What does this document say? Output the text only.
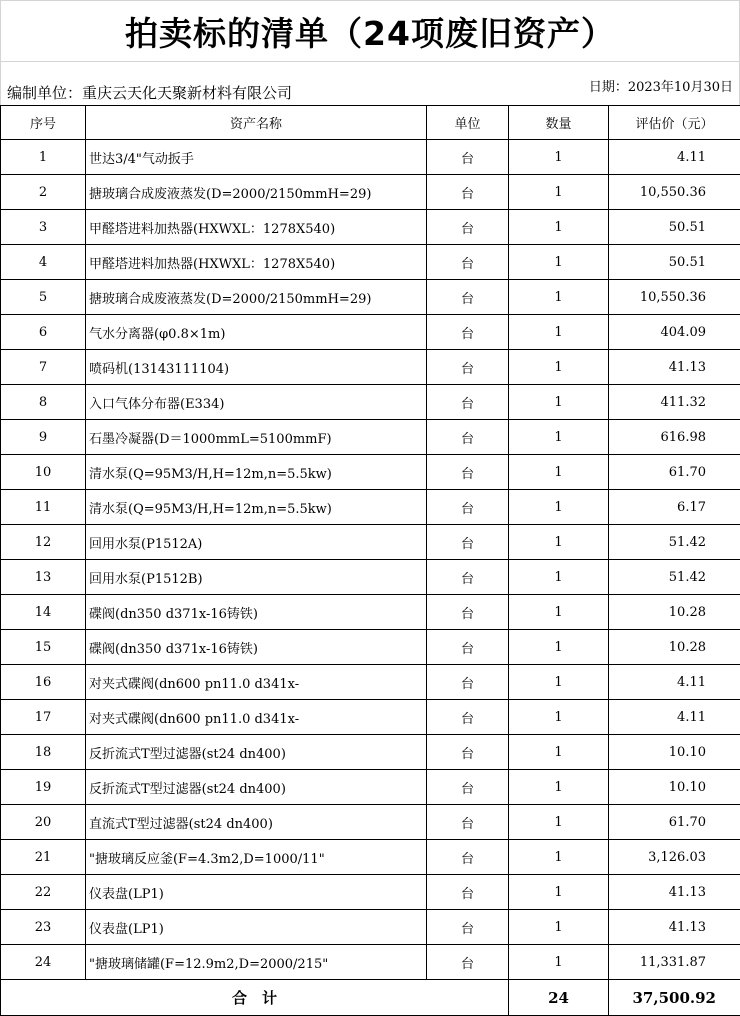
拍卖标的清单（24项废旧资产）
编制单位：重庆云天化天聚新材料有限公司	日期：2023年10月30日
序号	资产名称	单位	数量	评估价（元）
1	世达3/4"气动扳手	台	1	4.11
2	搪玻璃合成废液蒸发(D=2000/2150mmH=29)	台	1	10,550.36
3	甲醛塔进料加热器(HXWXL：1278X540)	台	1	50.51
4	甲醛塔进料加热器(HXWXL：1278X540)	台	1	50.51
5	搪玻璃合成废液蒸发(D=2000/2150mmH=29)	台	1	10,550.36
6	气水分离器(φ0.8×1m)	台	1	404.09
7	喷码机(13143111104)	台	1	41.13
8	入口气体分布器(E334)	台	1	411.32
9	石墨冷凝器(D＝1000mmL=5100mmF)	台	1	616.98
10	清水泵(Q=95M3/H,H=12m,n=5.5kw)	台	1	61.70
11	清水泵(Q=95M3/H,H=12m,n=5.5kw)	台	1	6.17
12	回用水泵(P1512A)	台	1	51.42
13	回用水泵(P1512B)	台	1	51.42
14	碟阀(dn350 d371x-16铸铁)	台	1	10.28
15	碟阀(dn350 d371x-16铸铁)	台	1	10.28
16	对夹式碟阀(dn600 pn11.0 d341x-	台	1	4.11
17	对夹式碟阀(dn600 pn11.0 d341x-	台	1	4.11
18	反折流式T型过滤器(st24 dn400)	台	1	10.10
19	反折流式T型过滤器(st24 dn400)	台	1	10.10
20	直流式T型过滤器(st24 dn400)	台	1	61.70
21	"搪玻璃反应釜(F=4.3m2,D=1000/11"	台	1	3,126.03
22	仪表盘(LP1)	台	1	41.13
23	仪表盘(LP1)	台	1	41.13
24	"搪玻璃储罐(F=12.9m2,D=2000/215"	台	1	11,331.87
合　计			24	37,500.92
